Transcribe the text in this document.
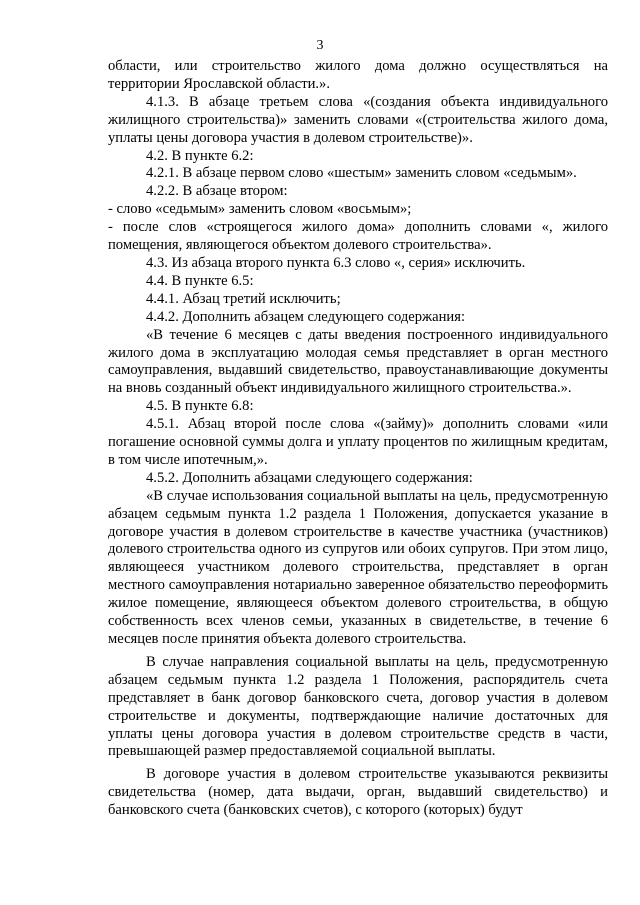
3

области, или строительство жилого дома должно осуществляться на территории Ярославской области.».

4.1.3. В абзаце третьем слова «(создания объекта индивидуального жилищного строительства)» заменить словами «(строительства жилого дома, уплаты цены договора участия в долевом строительстве)».

4.2. В пункте 6.2:

4.2.1. В абзаце первом слово «шестым» заменить словом «седьмым».

4.2.2. В абзаце втором:

- слово «седьмым» заменить словом «восьмым»;

- после слов «строящегося жилого дома» дополнить словами «, жилого помещения, являющегося объектом долевого строительства».

4.3. Из абзаца второго пункта 6.3 слово «, серия» исключить.

4.4. В пункте 6.5:

4.4.1. Абзац третий исключить;

4.4.2. Дополнить абзацем следующего содержания:

«В течение 6 месяцев с даты введения построенного индивидуального жилого дома в эксплуатацию молодая семья представляет в орган местного самоуправления, выдавший свидетельство, правоустанавливающие документы на вновь созданный объект индивидуального жилищного строительства.».

4.5. В пункте 6.8:

4.5.1. Абзац второй после слова «(займу)» дополнить словами «или погашение основной суммы долга и уплату процентов по жилищным кредитам, в том числе ипотечным,».

4.5.2. Дополнить абзацами следующего содержания:

«В случае использования социальной выплаты на цель, предусмотренную абзацем седьмым пункта 1.2 раздела 1 Положения, допускается указание в договоре участия в долевом строительстве в качестве участника (участников) долевого строительства одного из супругов или обоих супругов. При этом лицо, являющееся участником долевого строительства, представляет в орган местного самоуправления нотариально заверенное обязательство переоформить жилое помещение, являющееся объектом долевого строительства, в общую собственность всех членов семьи, указанных в свидетельстве, в течение 6 месяцев после принятия объекта долевого строительства.

В случае направления социальной выплаты на цель, предусмотренную абзацем седьмым пункта 1.2 раздела 1 Положения, распорядитель счета представляет в банк договор банковского счета, договор участия в долевом строительстве и документы, подтверждающие наличие достаточных для уплаты цены договора участия в долевом строительстве средств в части, превышающей размер предоставляемой социальной выплаты.

В договоре участия в долевом строительстве указываются реквизиты свидетельства (номер, дата выдачи, орган, выдавший свидетельство) и банковского счета (банковских счетов), с которого (которых) будут
